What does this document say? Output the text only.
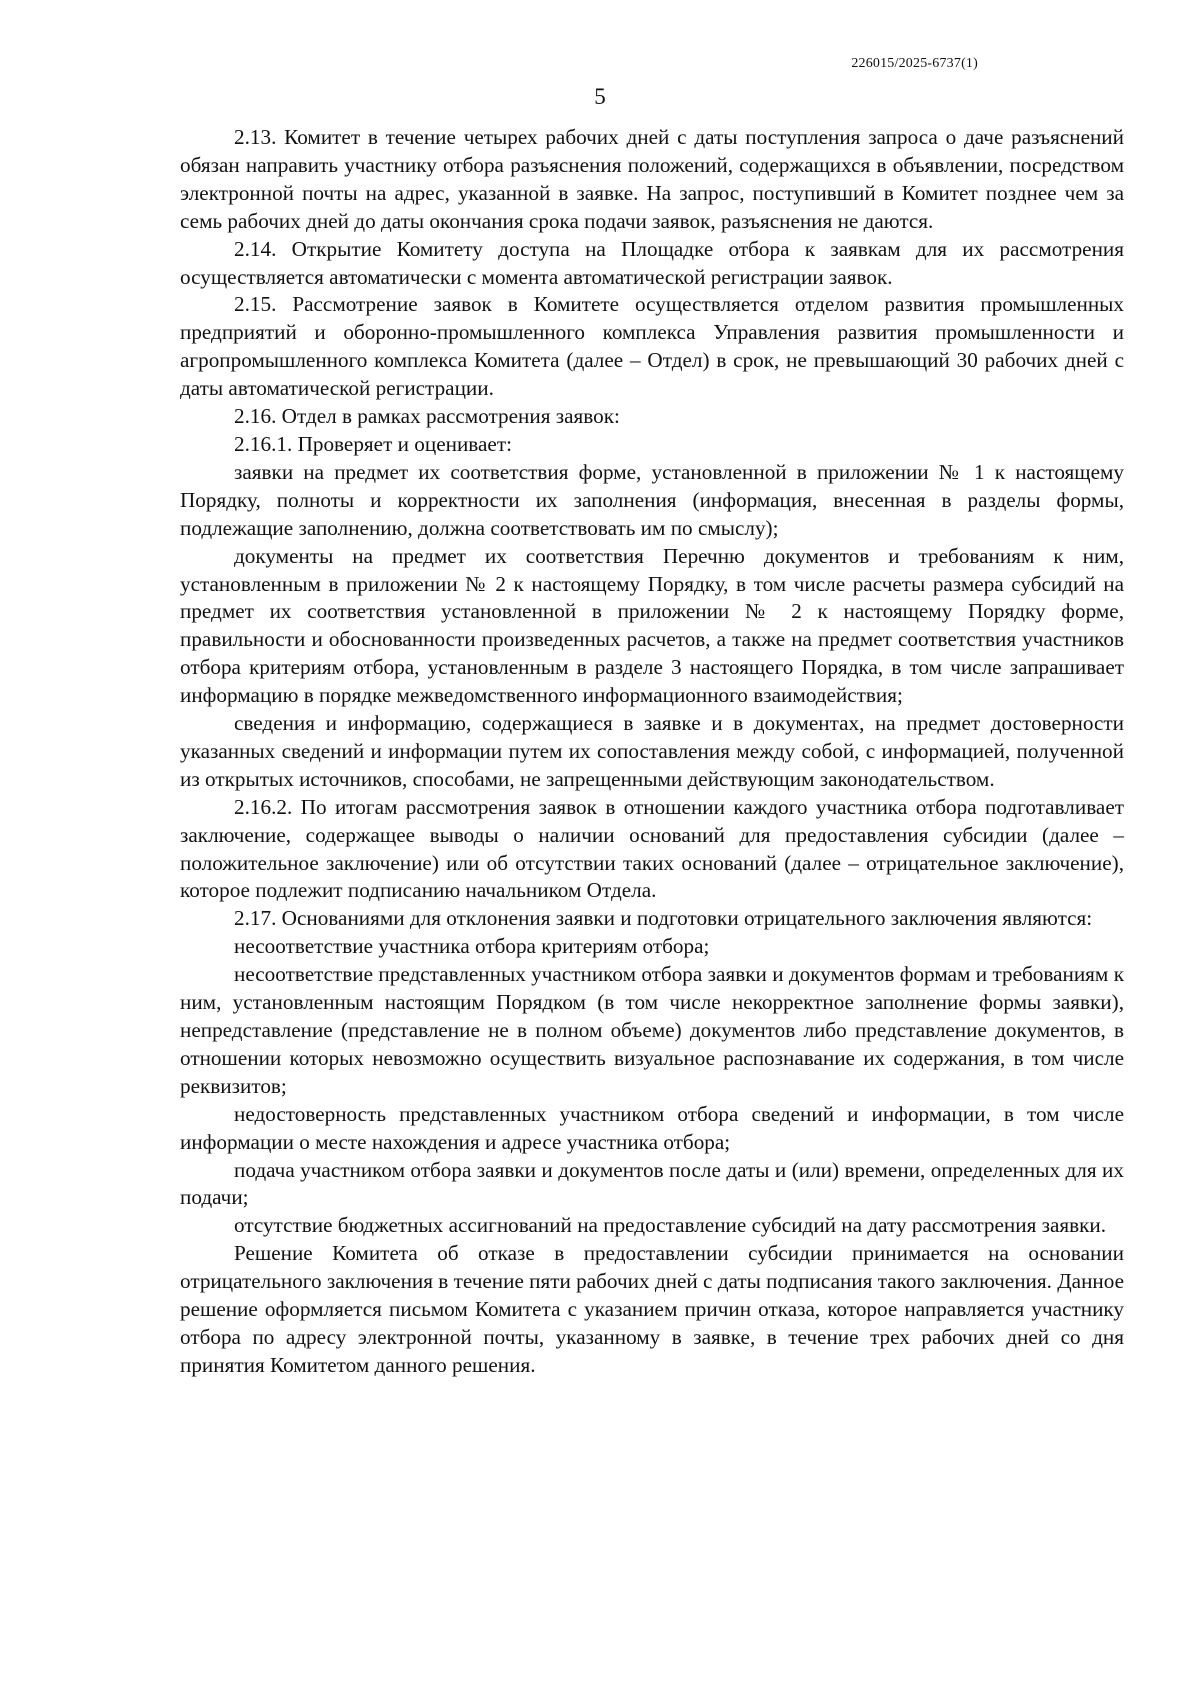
226015/2025-6737(1)
5

2.13. Комитет в течение четырех рабочих дней с даты поступления запроса о даче разъяснений обязан направить участнику отбора разъяснения положений, содержащихся в объявлении, посредством электронной почты на адрес, указанной в заявке. На запрос, поступивший в Комитет позднее чем за семь рабочих дней до даты окончания срока подачи заявок, разъяснения не даются.

2.14. Открытие Комитету доступа на Площадке отбора к заявкам для их рассмотрения осуществляется автоматически с момента автоматической регистрации заявок.

2.15. Рассмотрение заявок в Комитете осуществляется отделом развития промышленных предприятий и оборонно-промышленного комплекса Управления развития промышленности и агропромышленного комплекса Комитета (далее – Отдел) в срок, не превышающий 30 рабочих дней с даты автоматической регистрации.

2.16. Отдел в рамках рассмотрения заявок:

2.16.1. Проверяет и оценивает:

заявки на предмет их соответствия форме, установленной в приложении № 1 к настоящему Порядку, полноты и корректности их заполнения (информация, внесенная в разделы формы, подлежащие заполнению, должна соответствовать им по смыслу);

документы на предмет их соответствия Перечню документов и требованиям к ним, установленным в приложении № 2 к настоящему Порядку, в том числе расчеты размера субсидий на предмет их соответствия установленной в приложении № 2 к настоящему Порядку форме, правильности и обоснованности произведенных расчетов, а также на предмет соответствия участников отбора критериям отбора, установленным в разделе 3 настоящего Порядка, в том числе запрашивает информацию в порядке межведомственного информационного взаимодействия;

сведения и информацию, содержащиеся в заявке и в документах, на предмет достоверности указанных сведений и информации путем их сопоставления между собой, с информацией, полученной из открытых источников, способами, не запрещенными действующим законодательством.

2.16.2. По итогам рассмотрения заявок в отношении каждого участника отбора подготавливает заключение, содержащее выводы о наличии оснований для предоставления субсидии (далее – положительное заключение) или об отсутствии таких оснований (далее – отрицательное заключение), которое подлежит подписанию начальником Отдела.

2.17. Основаниями для отклонения заявки и подготовки отрицательного заключения являются:

несоответствие участника отбора критериям отбора;

несоответствие представленных участником отбора заявки и документов формам и требованиям к ним, установленным настоящим Порядком (в том числе некорректное заполнение формы заявки), непредставление (представление не в полном объеме) документов либо представление документов, в отношении которых невозможно осуществить визуальное распознавание их содержания, в том числе реквизитов;

недостоверность представленных участником отбора сведений и информации, в том числе информации о месте нахождения и адресе участника отбора;

подача участником отбора заявки и документов после даты и (или) времени, определенных для их подачи;

отсутствие бюджетных ассигнований на предоставление субсидий на дату рассмотрения заявки.

Решение Комитета об отказе в предоставлении субсидии принимается на основании отрицательного заключения в течение пяти рабочих дней с даты подписания такого заключения. Данное решение оформляется письмом Комитета с указанием причин отказа, которое направляется участнику отбора по адресу электронной почты, указанному в заявке, в течение трех рабочих дней со дня принятия Комитетом данного решения.
